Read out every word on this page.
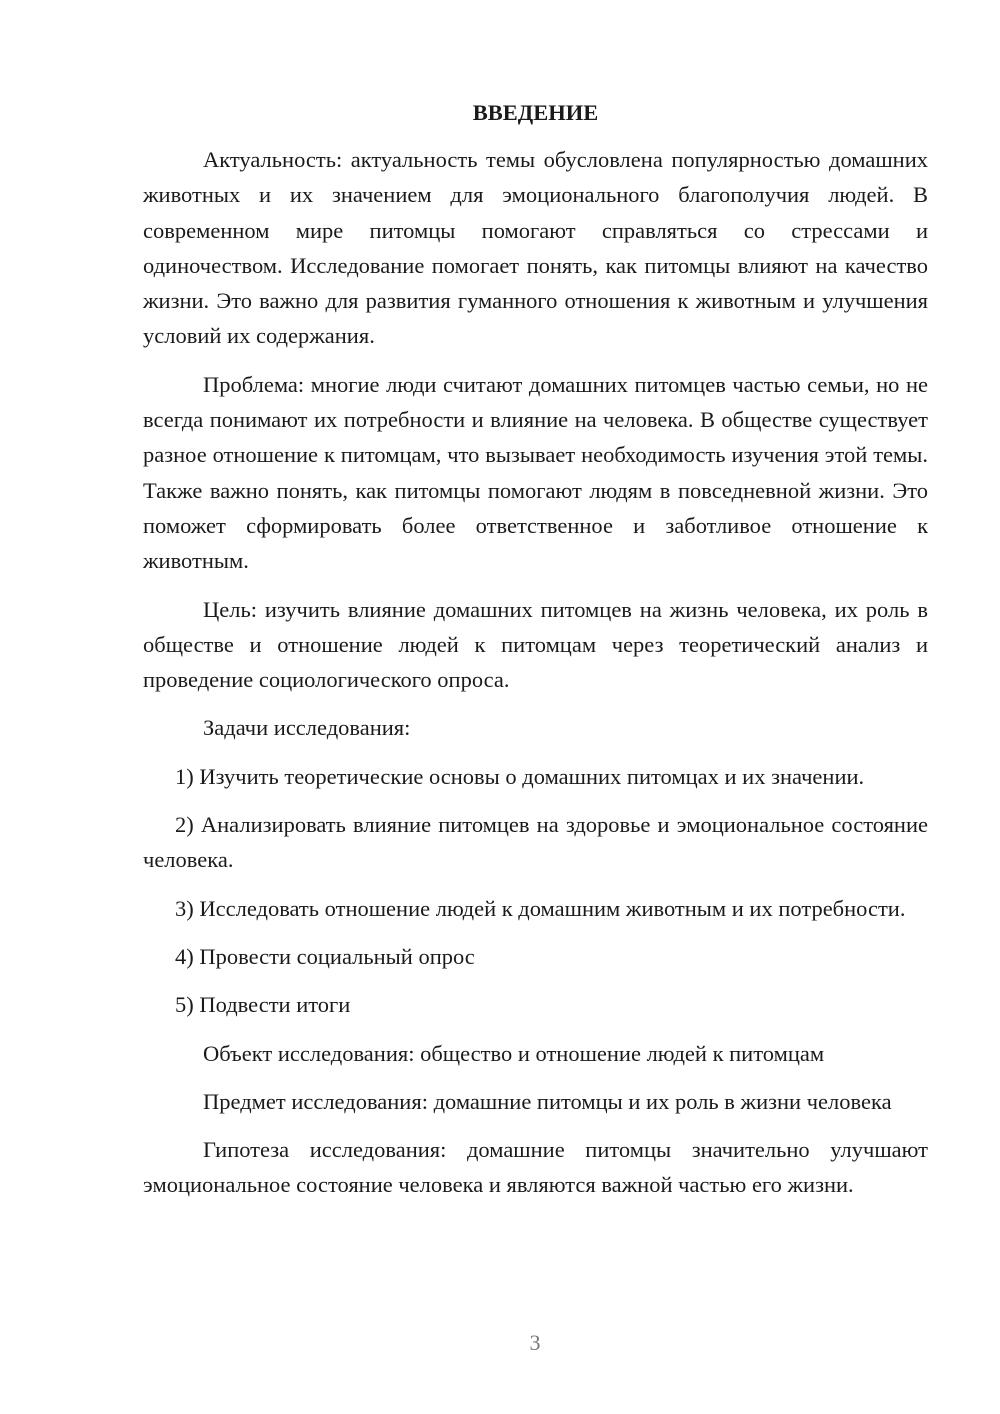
ВВЕДЕНИЕ

Актуальность: актуальность темы обусловлена популярностью домашних животных и их значением для эмоционального благополучия людей. В современном мире питомцы помогают справляться со стрессами и одиночеством. Исследование помогает понять, как питомцы влияют на качество жизни. Это важно для развития гуманного отношения к животным и улучшения условий их содержания.

Проблема: многие люди считают домашних питомцев частью семьи, но не всегда понимают их потребности и влияние на человека. В обществе существует разное отношение к питомцам, что вызывает необходимость изучения этой темы. Также важно понять, как питомцы помогают людям в повседневной жизни. Это поможет сформировать более ответственное и заботливое отношение к животным.

Цель: изучить влияние домашних питомцев на жизнь человека, их роль в обществе и отношение людей к питомцам через теоретический анализ и проведение социологического опроса.

Задачи исследования:

1) Изучить теоретические основы о домашних питомцах и их значении.

2) Анализировать влияние питомцев на здоровье и эмоциональное состояние человека.

3) Исследовать отношение людей к домашним животным и их потребности.

4) Провести социальный опрос

5) Подвести итоги

Объект исследования: общество и отношение людей к питомцам

Предмет исследования: домашние питомцы и их роль в жизни человека

Гипотеза исследования: домашние питомцы значительно улучшают эмоциональное состояние человека и являются важной частью его жизни.

3
